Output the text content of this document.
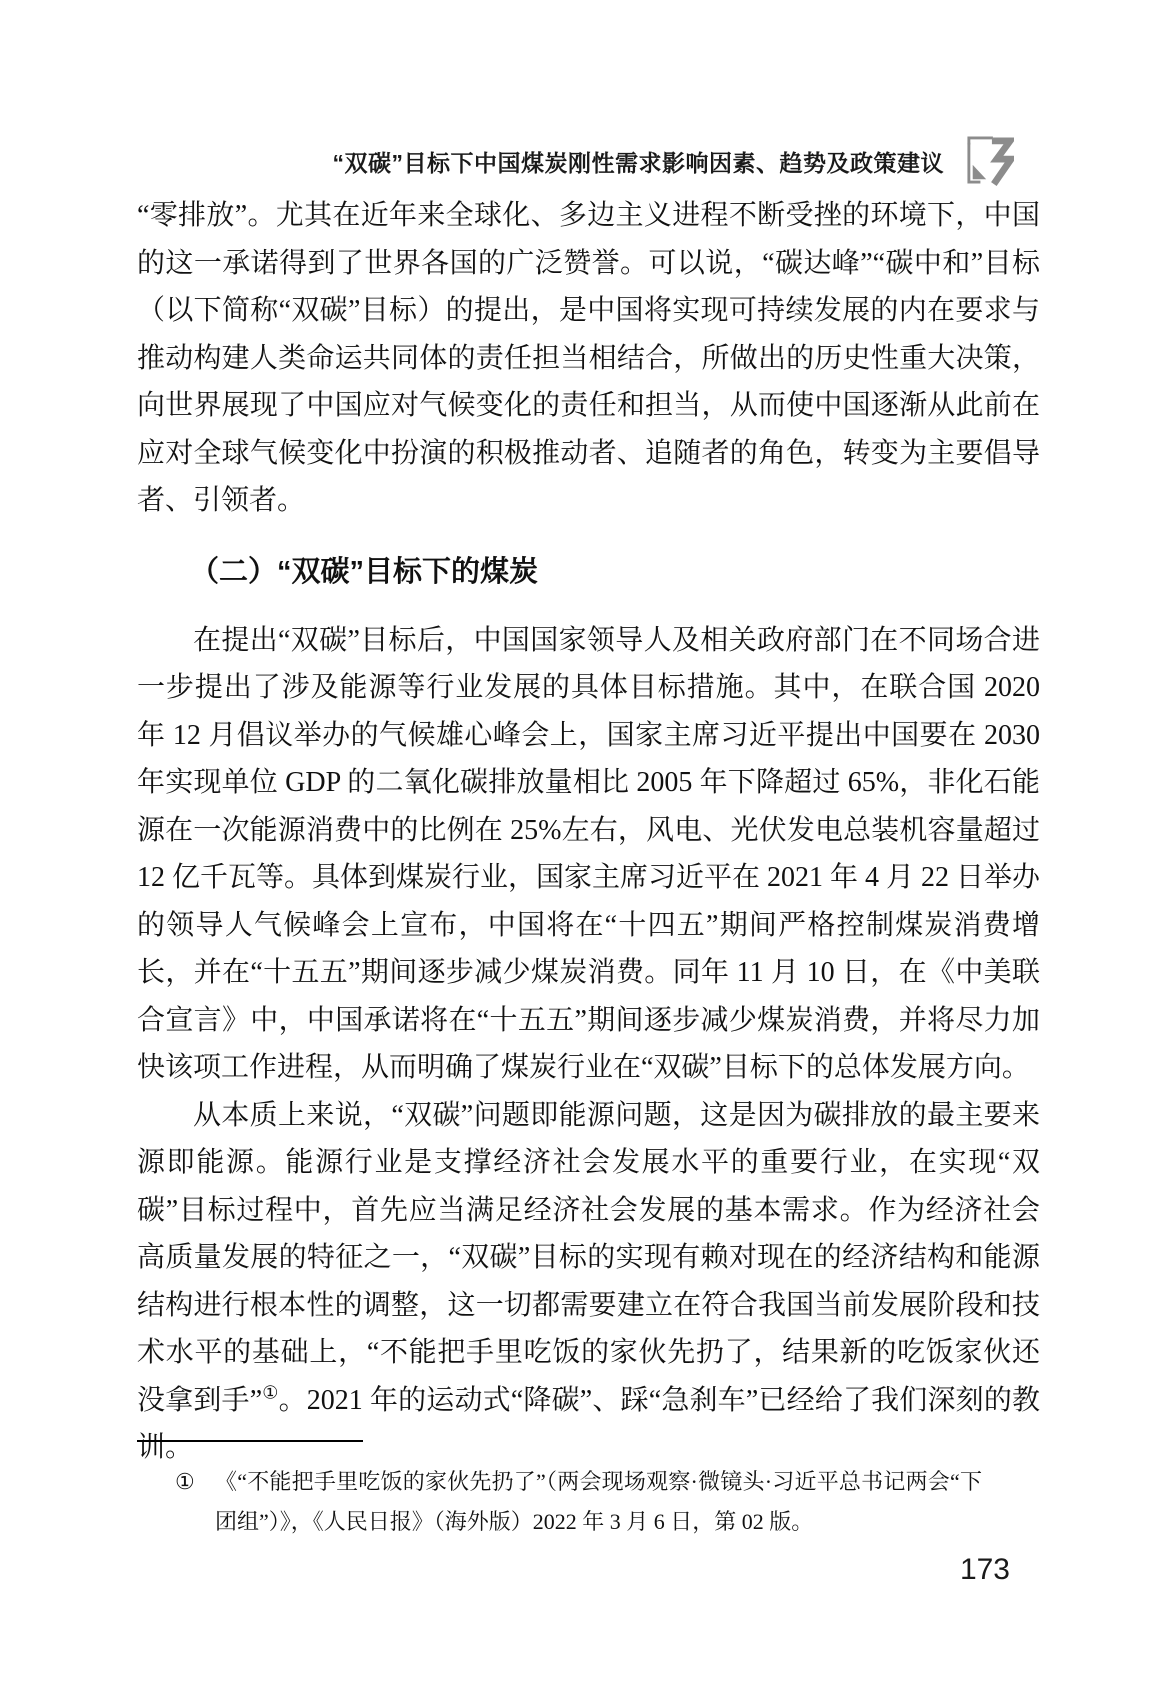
“双碳”目标下中国煤炭刚性需求影响因素、趋势及政策建议

“零排放”。尤其在近年来全球化、多边主义进程不断受挫的环境下，中国的这一承诺得到了世界各国的广泛赞誉。可以说，“碳达峰”“碳中和”目标（以下简称“双碳”目标）的提出，是中国将实现可持续发展的内在要求与推动构建人类命运共同体的责任担当相结合，所做出的历史性重大决策，向世界展现了中国应对气候变化的责任和担当，从而使中国逐渐从此前在应对全球气候变化中扮演的积极推动者、追随者的角色，转变为主要倡导者、引领者。

（二）“双碳”目标下的煤炭

在提出“双碳”目标后，中国国家领导人及相关政府部门在不同场合进一步提出了涉及能源等行业发展的具体目标措施。其中，在联合国 2020 年 12 月倡议举办的气候雄心峰会上，国家主席习近平提出中国要在 2030 年实现单位 GDP 的二氧化碳排放量相比 2005 年下降超过 65%，非化石能源在一次能源消费中的比例在 25%左右，风电、光伏发电总装机容量超过 12 亿千瓦等。具体到煤炭行业，国家主席习近平在 2021 年 4 月 22 日举办的领导人气候峰会上宣布，中国将在“十四五”期间严格控制煤炭消费增长，并在“十五五”期间逐步减少煤炭消费。同年 11 月 10 日，在《中美联合宣言》中，中国承诺将在“十五五”期间逐步减少煤炭消费，并将尽力加快该项工作进程，从而明确了煤炭行业在“双碳”目标下的总体发展方向。

从本质上来说，“双碳”问题即能源问题，这是因为碳排放的最主要来源即能源。能源行业是支撑经济社会发展水平的重要行业，在实现“双碳”目标过程中，首先应当满足经济社会发展的基本需求。作为经济社会高质量发展的特征之一，“双碳”目标的实现有赖对现在的经济结构和能源结构进行根本性的调整，这一切都需要建立在符合我国当前发展阶段和技术水平的基础上，“不能把手里吃饭的家伙先扔了，结果新的吃饭家伙还没拿到手”①。2021 年的运动式“降碳”、踩“急刹车”已经给了我们深刻的教训。

① 《“不能把手里吃饭的家伙先扔了”（两会现场观察·微镜头·习近平总书记两会“下团组”）》，《人民日报》（海外版）2022 年 3 月 6 日，第 02 版。
173
